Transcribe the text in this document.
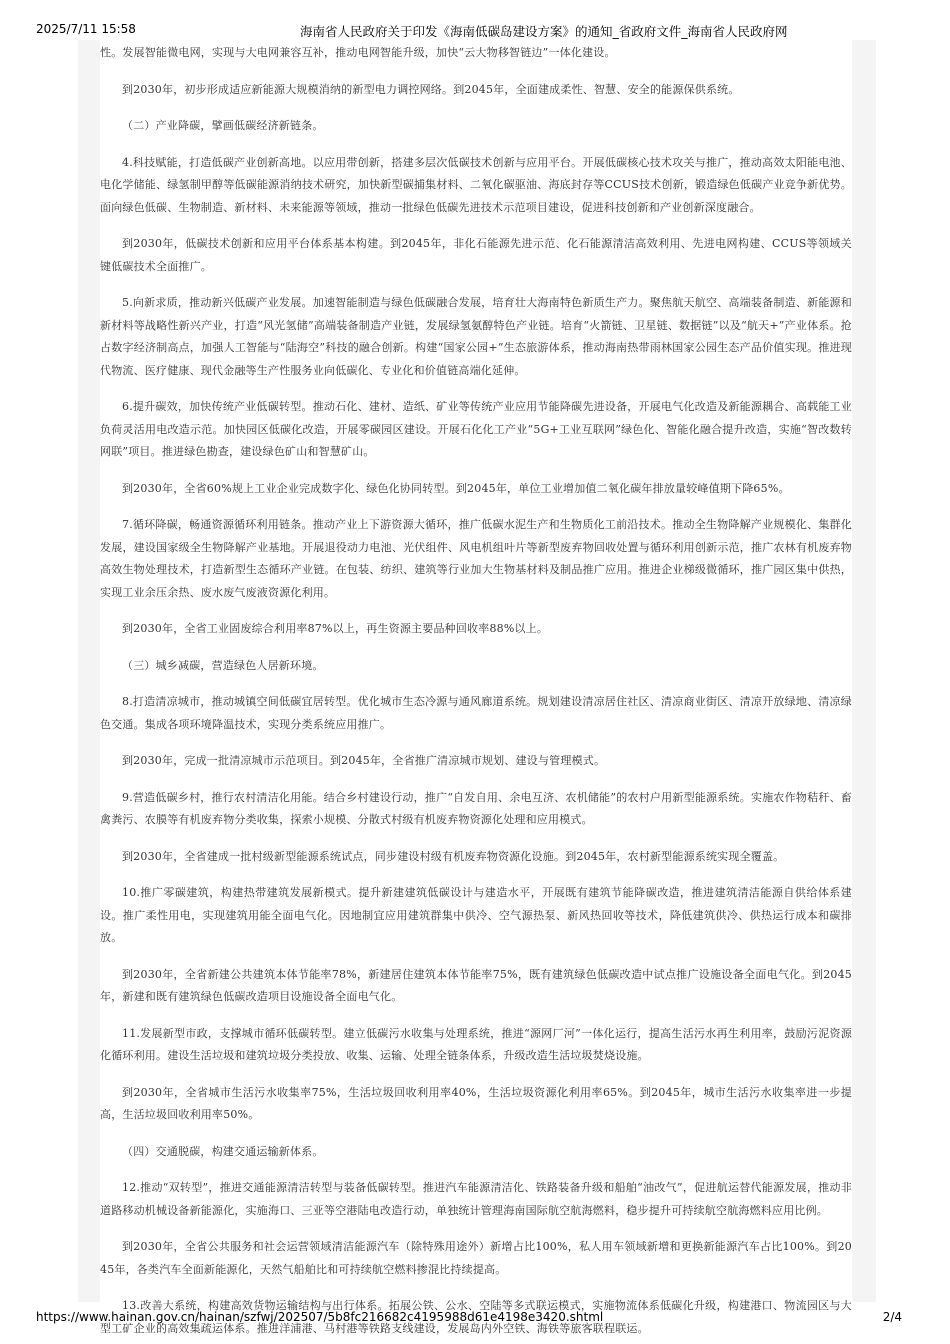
2025/7/11 15:58	海南省人民政府关于印发《海南低碳岛建设方案》的通知_省政府文件_海南省人民政府网

性。发展智能微电网，实现与大电网兼容互补，推动电网智能升级，加快“云大物移智链边”一体化建设。

到2030年，初步形成适应新能源大规模消纳的新型电力调控网络。到2045年，全面建成柔性、智慧、安全的能源保供系统。

（二）产业降碳，擘画低碳经济新链条。

4.科技赋能，打造低碳产业创新高地。以应用带创新，搭建多层次低碳技术创新与应用平台。开展低碳核心技术攻关与推广，推动高效太阳能电池、电化学储能、绿氢制甲醇等低碳能源消纳技术研究，加快新型碳捕集材料、二氧化碳驱油、海底封存等CCUS技术创新，锻造绿色低碳产业竞争新优势。面向绿色低碳、生物制造、新材料、未来能源等领域，推动一批绿色低碳先进技术示范项目建设，促进科技创新和产业创新深度融合。

到2030年，低碳技术创新和应用平台体系基本构建。到2045年，非化石能源先进示范、化石能源清洁高效利用、先进电网构建、CCUS等领域关键低碳技术全面推广。

5.向新求质，推动新兴低碳产业发展。加速智能制造与绿色低碳融合发展，培育壮大海南特色新质生产力。聚焦航天航空、高端装备制造、新能源和新材料等战略性新兴产业，打造“风光氢储”高端装备制造产业链，发展绿氢氨醇特色产业链。培育“火箭链、卫星链、数据链”以及“航天+”产业体系。抢占数字经济制高点，加强人工智能与“陆海空”科技的融合创新。构建“国家公园+”生态旅游体系，推动海南热带雨林国家公园生态产品价值实现。推进现代物流、医疗健康、现代金融等生产性服务业向低碳化、专业化和价值链高端化延伸。

6.提升碳效，加快传统产业低碳转型。推动石化、建材、造纸、矿业等传统产业应用节能降碳先进设备，开展电气化改造及新能源耦合、高载能工业负荷灵活用电改造示范。加快园区低碳化改造，开展零碳园区建设。开展石化化工产业“5G+工业互联网”绿色化、智能化融合提升改造，实施“智改数转网联”项目。推进绿色勘查，建设绿色矿山和智慧矿山。

到2030年，全省60%规上工业企业完成数字化、绿色化协同转型。到2045年，单位工业增加值二氧化碳年排放量较峰值期下降65%。

7.循环降碳，畅通资源循环利用链条。推动产业上下游资源大循环，推广低碳水泥生产和生物质化工前沿技术。推动全生物降解产业规模化、集群化发展，建设国家级全生物降解产业基地。开展退役动力电池、光伏组件、风电机组叶片等新型废弃物回收处置与循环利用创新示范，推广农林有机废弃物高效生物处理技术，打造新型生态循环产业链。在包装、纺织、建筑等行业加大生物基材料及制品推广应用。推进企业梯级微循环，推广园区集中供热，实现工业余压余热、废水废气废液资源化利用。

到2030年，全省工业固废综合利用率87%以上，再生资源主要品种回收率88%以上。

（三）城乡减碳，营造绿色人居新环境。

8.打造清凉城市，推动城镇空间低碳宜居转型。优化城市生态冷源与通风廊道系统。规划建设清凉居住社区、清凉商业街区、清凉开放绿地、清凉绿色交通。集成各项环境降温技术，实现分类系统应用推广。

到2030年，完成一批清凉城市示范项目。到2045年，全省推广清凉城市规划、建设与管理模式。

9.营造低碳乡村，推行农村清洁化用能。结合乡村建设行动，推广“自发自用、余电互济、农机储能”的农村户用新型能源系统。实施农作物秸秆、畜禽粪污、农膜等有机废弃物分类收集，探索小规模、分散式村级有机废弃物资源化处理和应用模式。

到2030年，全省建成一批村级新型能源系统试点，同步建设村级有机废弃物资源化设施。到2045年，农村新型能源系统实现全覆盖。

10.推广零碳建筑，构建热带建筑发展新模式。提升新建建筑低碳设计与建造水平，开展既有建筑节能降碳改造，推进建筑清洁能源自供给体系建设。推广柔性用电，实现建筑用能全面电气化。因地制宜应用建筑群集中供冷、空气源热泵、新风热回收等技术，降低建筑供冷、供热运行成本和碳排放。

到2030年，全省新建公共建筑本体节能率78%，新建居住建筑本体节能率75%，既有建筑绿色低碳改造中试点推广设施设备全面电气化。到2045年，新建和既有建筑绿色低碳改造项目设施设备全面电气化。

11.发展新型市政，支撑城市循环低碳转型。建立低碳污水收集与处理系统，推进“源网厂河”一体化运行，提高生活污水再生利用率，鼓励污泥资源化循环利用。建设生活垃圾和建筑垃圾分类投放、收集、运输、处理全链条体系，升级改造生活垃圾焚烧设施。

到2030年，全省城市生活污水收集率75%，生活垃圾回收利用率40%，生活垃圾资源化利用率65%。到2045年，城市生活污水收集率进一步提高，生活垃圾回收利用率50%。

（四）交通脱碳，构建交通运输新体系。

12.推动“双转型”，推进交通能源清洁转型与装备低碳转型。推进汽车能源清洁化、铁路装备升级和船舶“油改气”，促进航运替代能源发展，推动非道路移动机械设备新能源化，实施海口、三亚等空港陆电改造行动，单独统计管理海南国际航空航海燃料，稳步提升可持续航空航海燃料应用比例。

到2030年，全省公共服务和社会运营领域清洁能源汽车（除特殊用途外）新增占比100%，私人用车领域新增和更换新能源汽车占比100%。到2045年，各类汽车全面新能源化，天然气船舶比和可持续航空燃料掺混比持续提高。

13.改善大系统，构建高效货物运输结构与出行体系。拓展公铁、公水、空陆等多式联运模式，实施物流体系低碳化升级，构建港口、物流园区与大型工矿企业的高效集疏运体系。推进洋浦港、马村港等铁路支线建设，发展岛内外空铁、海铁等旅客联程联运。

https://www.hainan.gov.cn/hainan/szfwj/202507/5b8fc216682c4195988d61e4198e3420.shtml	2/4
